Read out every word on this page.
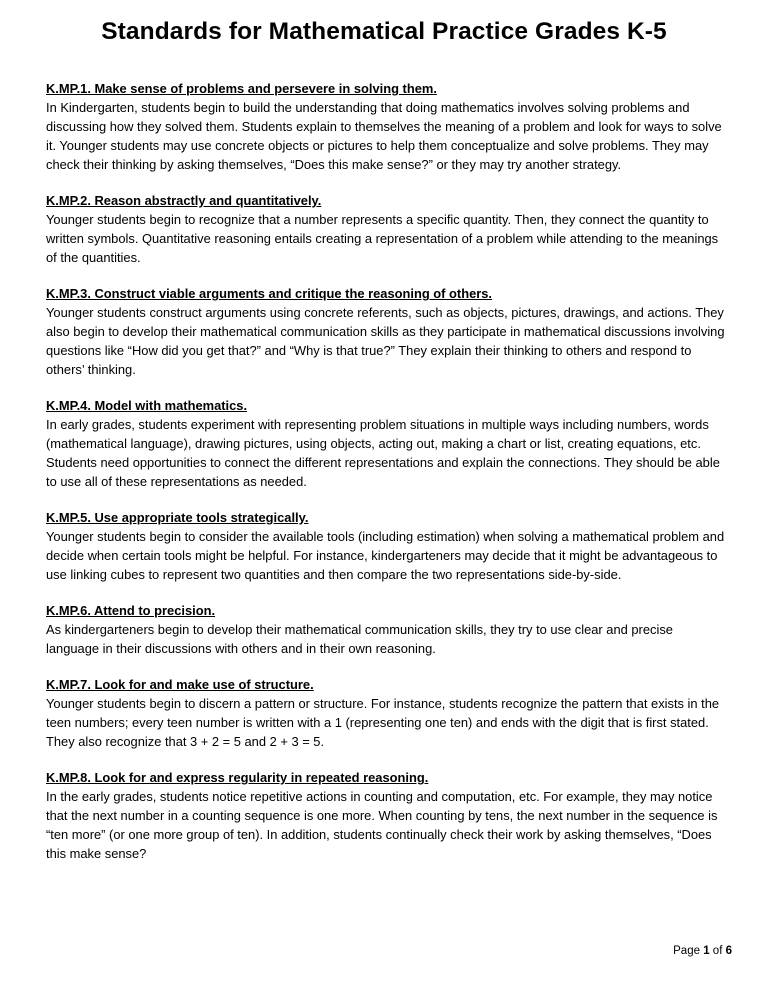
Standards for Mathematical Practice Grades K-5
K.MP.1. Make sense of problems and persevere in solving them.

In Kindergarten, students begin to build the understanding that doing mathematics involves solving problems and discussing how they solved them. Students explain to themselves the meaning of a problem and look for ways to solve it. Younger students may use concrete objects or pictures to help them conceptualize and solve problems. They may check their thinking by asking themselves, “Does this make sense?” or they may try another strategy.

K.MP.2. Reason abstractly and quantitatively.

Younger students begin to recognize that a number represents a specific quantity. Then, they connect the quantity to written symbols. Quantitative reasoning entails creating a representation of a problem while attending to the meanings of the quantities.

K.MP.3. Construct viable arguments and critique the reasoning of others.

Younger students construct arguments using concrete referents, such as objects, pictures, drawings, and actions. They also begin to develop their mathematical communication skills as they participate in mathematical discussions involving questions like “How did you get that?” and “Why is that true?” They explain their thinking to others and respond to others’ thinking.

K.MP.4. Model with mathematics.

In early grades, students experiment with representing problem situations in multiple ways including numbers, words (mathematical language), drawing pictures, using objects, acting out, making a chart or list, creating equations, etc. Students need opportunities to connect the different representations and explain the connections. They should be able to use all of these representations as needed.

K.MP.5. Use appropriate tools strategically.

Younger students begin to consider the available tools (including estimation) when solving a mathematical problem and decide when certain tools might be helpful. For instance, kindergarteners may decide that it might be advantageous to use linking cubes to represent two quantities and then compare the two representations side-by-side.

K.MP.6. Attend to precision.

As kindergarteners begin to develop their mathematical communication skills, they try to use clear and precise language in their discussions with others and in their own reasoning.

K.MP.7. Look for and make use of structure.

Younger students begin to discern a pattern or structure. For instance, students recognize the pattern that exists in the teen numbers; every teen number is written with a 1 (representing one ten) and ends with the digit that is first stated. They also recognize that 3 + 2 = 5 and 2 + 3 = 5.

K.MP.8. Look for and express regularity in repeated reasoning.

In the early grades, students notice repetitive actions in counting and computation, etc. For example, they may notice that the next number in a counting sequence is one more. When counting by tens, the next number in the sequence is “ten more” (or one more group of ten). In addition, students continually check their work by asking themselves, “Does this make sense?

Page 1 of 6
